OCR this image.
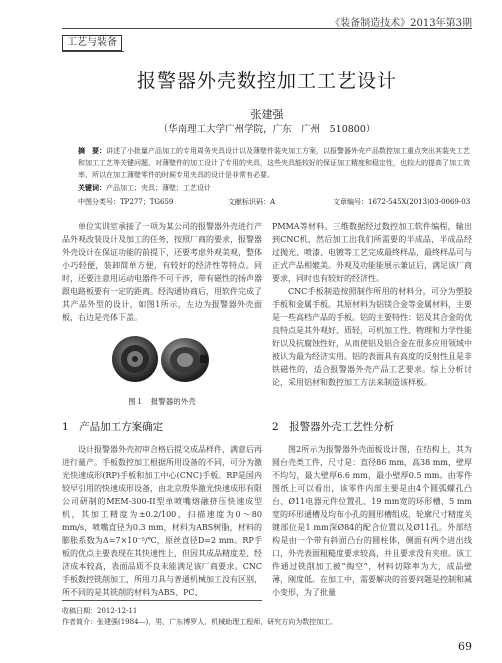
《装备制造技术》2013年第3期
工艺与装备
报警器外壳数控加工工艺设计
张建强
（华南理工大学广州学院，广东　广州　510800）
摘　要：讲述了小批量产品加工的专用周务夹具设计以及薄壁件装夹加工方案，以报警器外壳产品数控加工重点突出其装夹工艺和加工工艺等关键问题，对薄壁件的加工设计了专用的夹具，这些夹具能较好的保证加工精度和稳定性，也较大的提高了加工效率，所以在加工薄壁零件的时候专用夹具的设计是非常有必要。
关键词：产品加工；夹具；薄壁；工艺设计
中图分类号：TP277；TG659	文献标识码：A	文章编号：1672-545X(2013)03-0069-03

单位实训室承接了一项为某公司的报警器外壳进行产品外观改装设计及加工的任务，按照厂商的要求，报警器外壳设计在保证功能的前提下，还要考虑外观美观，整体小巧轻便，装卸简单方便，有较好的经济性等特点。同时，还要注意用运动电器件不可干涉，带有磁性的扬声器跟电路板要有一定的距离。经沟通协商后，用软件完成了其产品外型的设计，如图1所示，左边为报警器外壳面板，右边是壳体下盖。

图１　报警器的外壳
1　产品加工方案确定

设计报警器外壳初审合格后提交成品样件，满意后再进行量产。手板数控加工根据所用设备的不同，可分为激光快速成形(RP)手板和加工中心(CNC)手板。RP是国内较早引用的快速成形设备，由北京殷华激光快速成形有限公司研制的MEM-300-II型单喷嘴熔融挤压快速成型机，其加工精度为±0.2/100，扫描速度为0～80 mm/s，喷嘴直径为0.3 mm，材料为ABS树脂，材料的膨胀系数为Δ=7×10⁻⁵/℃，原丝直径D=2 mm。RP手板的优点主要表现在其快速性上，但因其成品精度差、经济成本较高，表面品质不良未能满足该厂商要求。CNC手板数控铣削加工，所用刀具与普通机械加工没有区别，所不同的是其铣削的材料为ABS、PC、

收稿日期：2012-12-11
作者简介：张建强(1984—)，男，广东博罗人，机械助理工程师，研究方向为数控加工。

PMMA等材料。三维数据经过数控加工软件编程，输出到CNC机，然后加工出我们所需要的半成品，半成品经过抛光、喷漆、电镀等工艺完成最终样品，最终样品可与正式产品相媲美。外观及功能能展示兼证后，满足该厂商要求，同时也有较好的经济性。

CNC手板制造按照制作所用的材料分，可分为塑胶手板和金属手板。其原材料为铝镁合金等金属材料，主要是一些高档产品的手板。铝的主要特性：铝及其合金的优良特点是其外观好、质轻，可机加工性、物理和力学性能好以及抗腐蚀性好，从而使铝及铝合金在很多应用领域中被认为最为经济实用。铝的表面具有高度的反射性且是非铁磁性的，适合报警器外壳产品工艺要求。综上分析讨论，采用铝材和数控加工方法来制造该样板。

2　报警器外壳工艺性分析

图2所示为报警器外壳面板设计图，在结构上，其为圆台壳类工件，尺寸是：直径86 mm，高38 mm，壁厚不均匀，最大壁厚6.6 mm，最小壁厚0.5 mm。由零件图纸上可以看出，该零件内部主要是由4个圆弧螺孔凸台、Ø11电器元件位置孔、19 mm宽的环形槽、5 mm宽的环形通槽及均布小孔的圆形槽组成，轮廓尺寸精度关键部位是1 mm深Ø84的配合位置以及Ø11孔。外部结构是由一个带有斜面凸台的圆柱体，侧面有两个进出线口，外壳表面粗糙度要求较高，并且要求没有夹痕。该工件通过铣削加工被“掏空”，材料切除率为大，成品壁薄，刚度低。在加工中，需要解决的首要问题是控制和减小变形，为了批量

69
